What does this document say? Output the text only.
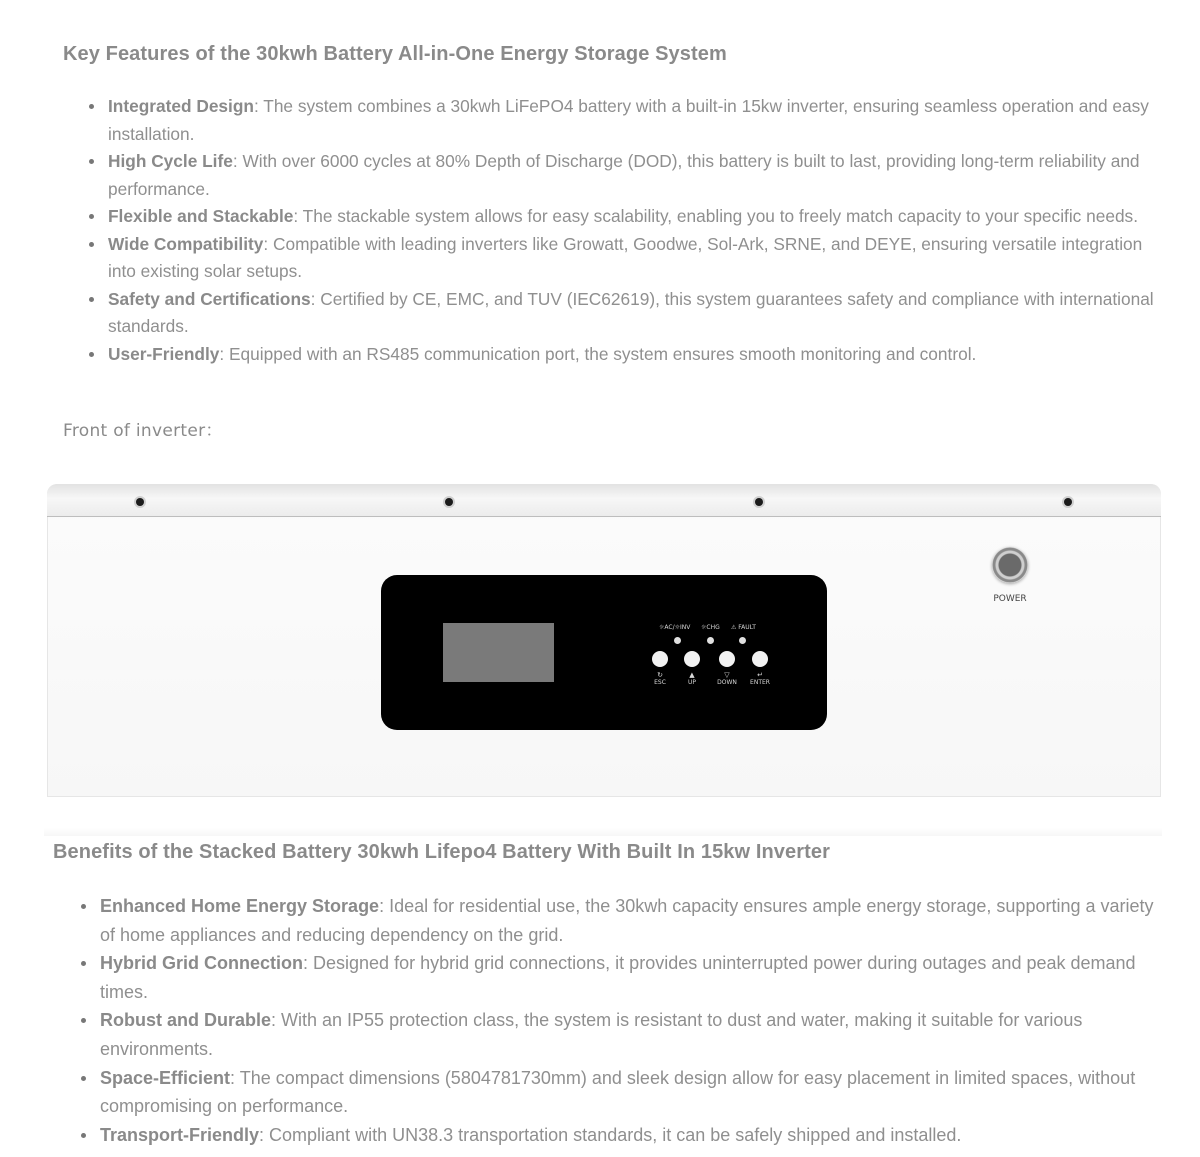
Key Features of the 30kwh Battery All-in-One Energy Storage System
Integrated Design: The system combines a 30kwh LiFePO4 battery with a built-in 15kw inverter, ensuring seamless operation and easy installation.
High Cycle Life: With over 6000 cycles at 80% Depth of Discharge (DOD), this battery is built to last, providing long-term reliability and performance.
Flexible and Stackable: The stackable system allows for easy scalability, enabling you to freely match capacity to your specific needs.
Wide Compatibility: Compatible with leading inverters like Growatt, Goodwe, Sol-Ark, SRNE, and DEYE, ensuring versatile integration into existing solar setups.
Safety and Certifications: Certified by CE, EMC, and TUV (IEC62619), this system guarantees safety and compliance with international standards.
User-Friendly: Equipped with an RS485 communication port, the system ensures smooth monitoring and control.

Front of inverter：

☼AC/☼INV ☼CHG ⚠ FAULT
↻	▲	▽	↵
ESC	UP	DOWN	ENTER
POWER
Benefits of the Stacked Battery 30kwh Lifepo4 Battery With Built In 15kw Inverter
Enhanced Home Energy Storage: Ideal for residential use, the 30kwh capacity ensures ample energy storage, supporting a variety of home appliances and reducing dependency on the grid.
Hybrid Grid Connection: Designed for hybrid grid connections, it provides uninterrupted power during outages and peak demand times.
Robust and Durable: With an IP55 protection class, the system is resistant to dust and water, making it suitable for various environments.
Space-Efficient: The compact dimensions (5804781730mm) and sleek design allow for easy placement in limited spaces, without compromising on performance.
Transport-Friendly: Compliant with UN38.3 transportation standards, it can be safely shipped and installed.
